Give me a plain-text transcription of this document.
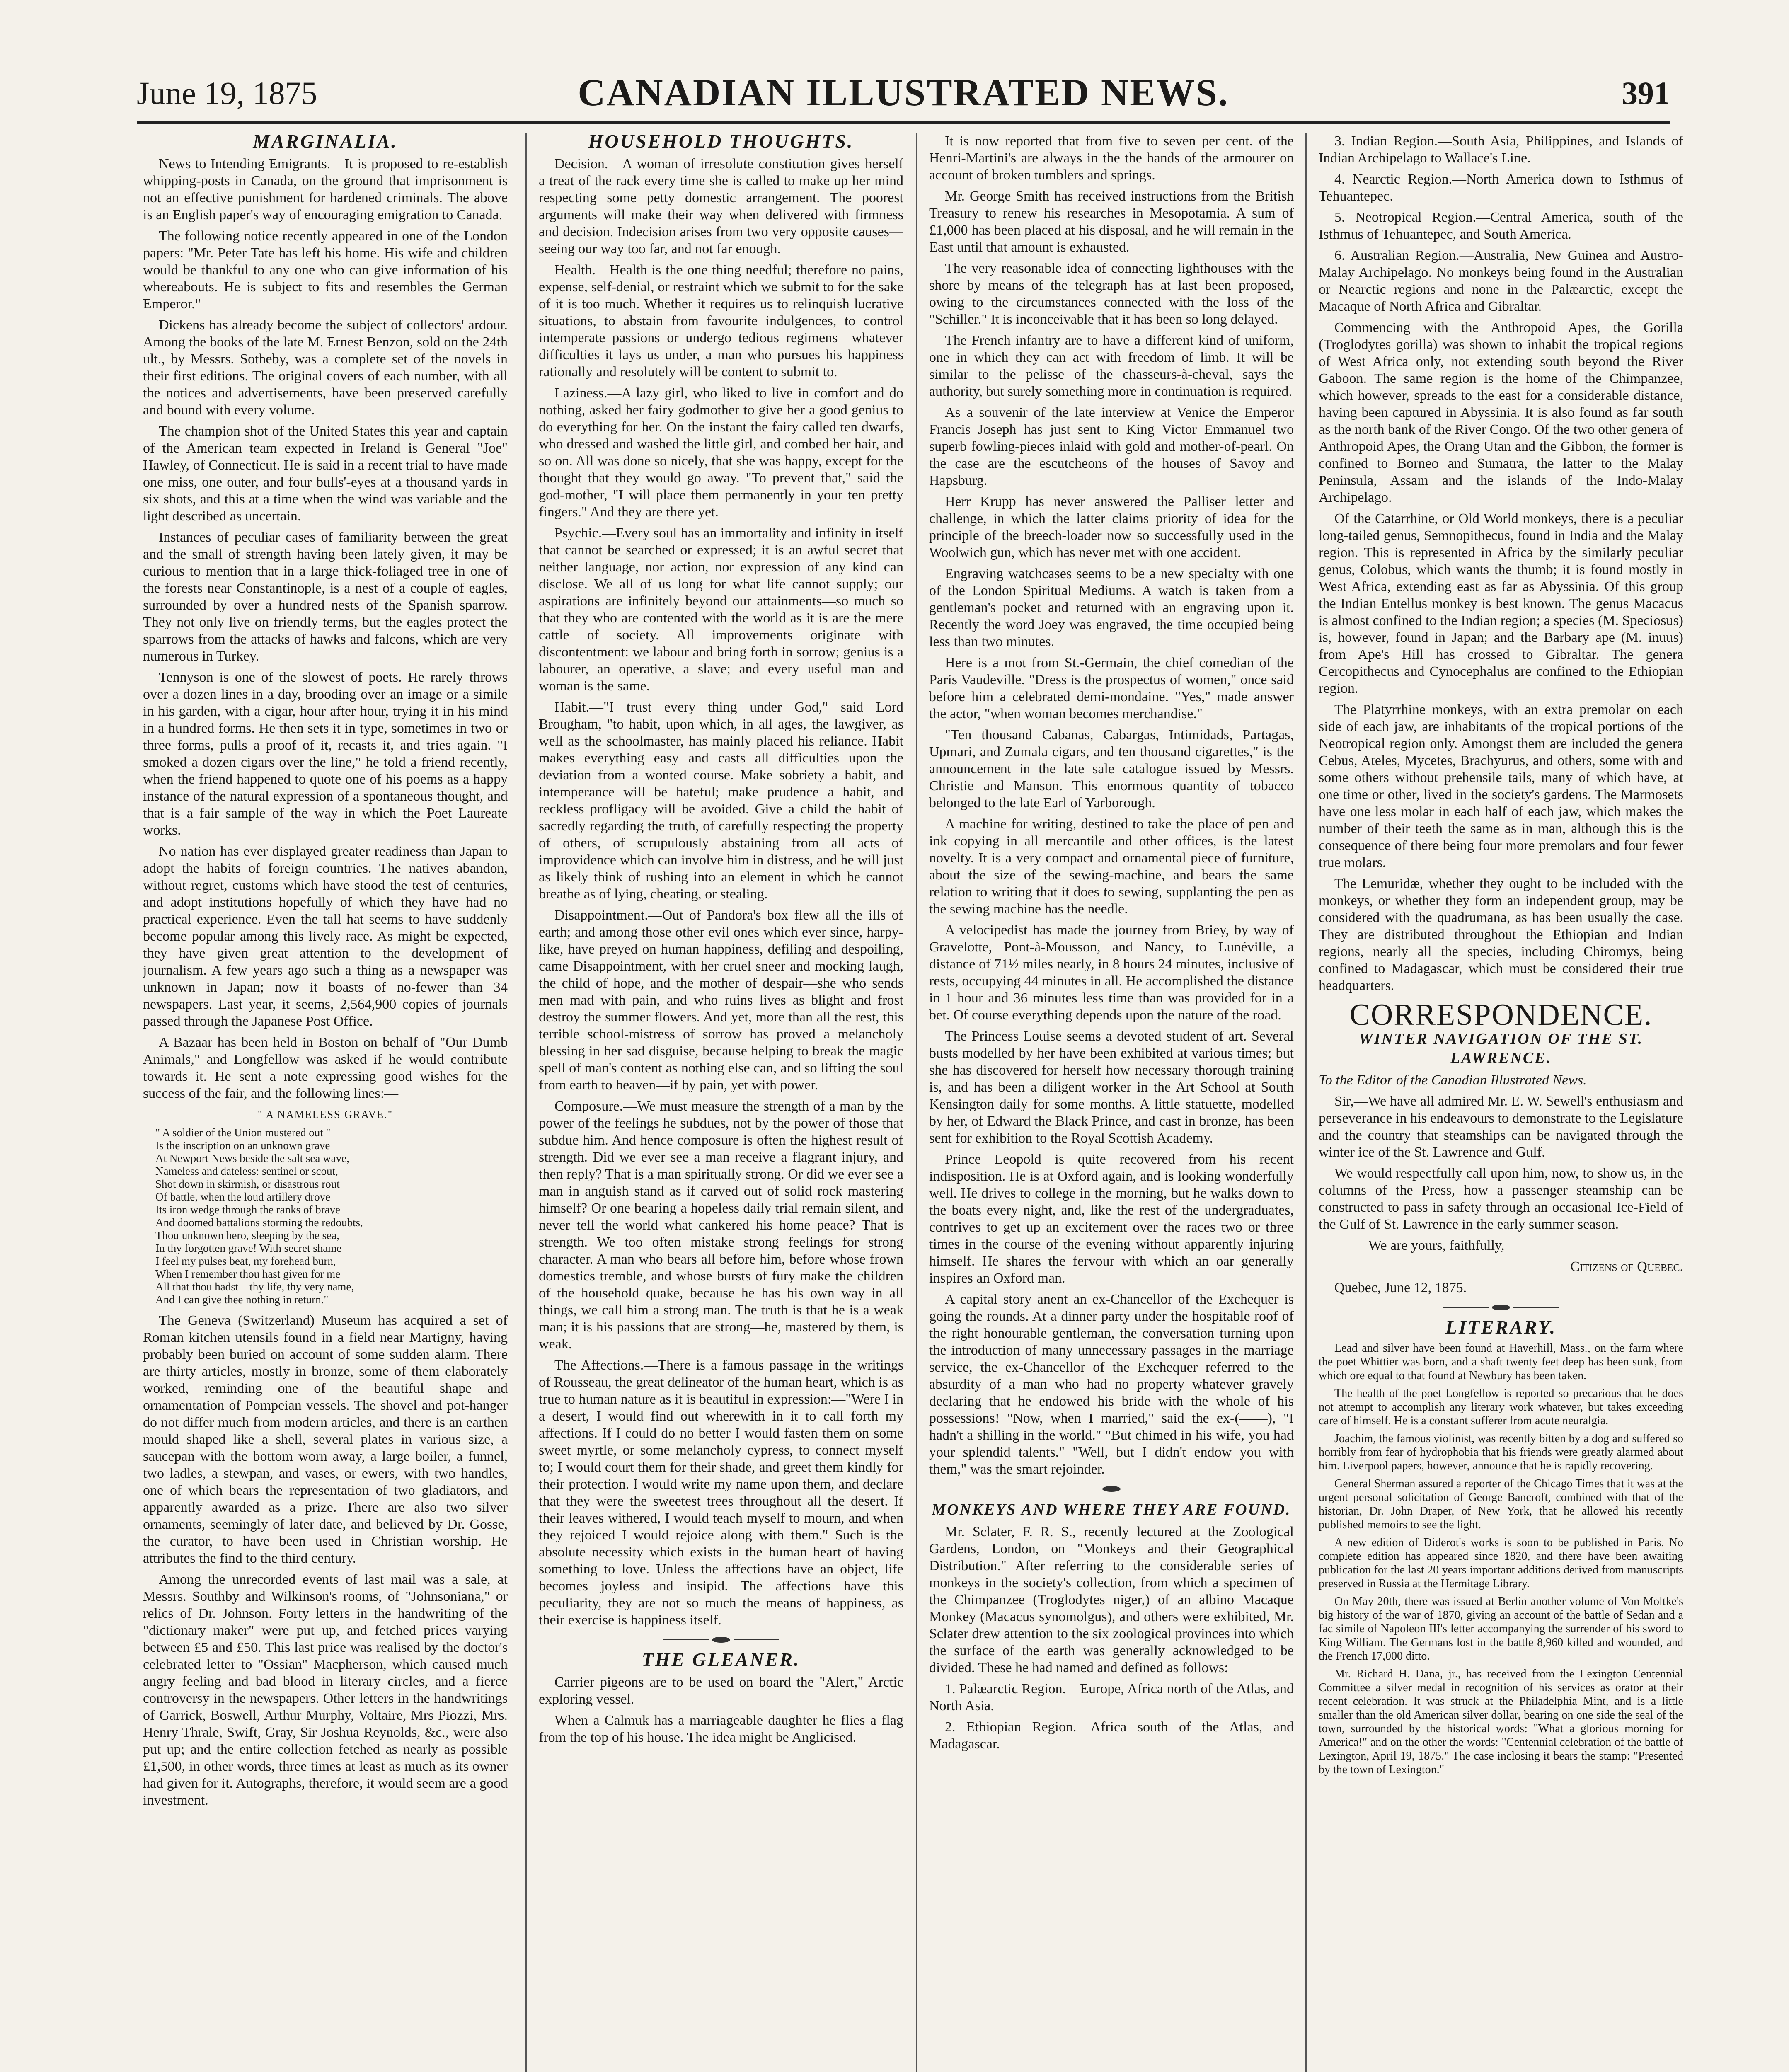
June 19, 1875	CANADIAN ILLUSTRATED NEWS.	391
MARGINALIA.

News to Intending Emigrants.—It is proposed to re-establish whipping-posts in Canada, on the ground that imprisonment is not an effective punishment for hardened criminals. The above is an English paper's way of encouraging emigration to Canada.

The following notice recently appeared in one of the London papers: "Mr. Peter Tate has left his home. His wife and children would be thankful to any one who can give information of his whereabouts. He is subject to fits and resembles the German Emperor."

Dickens has already become the subject of collectors' ardour. Among the books of the late M. Ernest Benzon, sold on the 24th ult., by Messrs. Sotheby, was a complete set of the novels in their first editions. The original covers of each number, with all the notices and advertisements, have been preserved carefully and bound with every volume.

The champion shot of the United States this year and captain of the American team expected in Ireland is General "Joe" Hawley, of Connecticut. He is said in a recent trial to have made one miss, one outer, and four bulls'-eyes at a thousand yards in six shots, and this at a time when the wind was variable and the light described as uncertain.

Instances of peculiar cases of familiarity between the great and the small of strength having been lately given, it may be curious to mention that in a large thick-foliaged tree in one of the forests near Constantinople, is a nest of a couple of eagles, surrounded by over a hundred nests of the Spanish sparrow. They not only live on friendly terms, but the eagles protect the sparrows from the attacks of hawks and falcons, which are very numerous in Turkey.

Tennyson is one of the slowest of poets. He rarely throws over a dozen lines in a day, brooding over an image or a simile in his garden, with a cigar, hour after hour, trying it in his mind in a hundred forms. He then sets it in type, sometimes in two or three forms, pulls a proof of it, recasts it, and tries again. "I smoked a dozen cigars over the line," he told a friend recently, when the friend happened to quote one of his poems as a happy instance of the natural expression of a spontaneous thought, and that is a fair sample of the way in which the Poet Laureate works.

No nation has ever displayed greater readiness than Japan to adopt the habits of foreign countries. The natives abandon, without regret, customs which have stood the test of centuries, and adopt institutions hopefully of which they have had no practical experience. Even the tall hat seems to have suddenly become popular among this lively race. As might be expected, they have given great attention to the development of journalism. A few years ago such a thing as a newspaper was unknown in Japan; now it boasts of no-fewer than 34 newspapers. Last year, it seems, 2,564,900 copies of journals passed through the Japanese Post Office.

A Bazaar has been held in Boston on behalf of "Our Dumb Animals," and Longfellow was asked if he would contribute towards it. He sent a note expressing good wishes for the success of the fair, and the following lines:—

" A NAMELESS GRAVE."
" A soldier of the Union mustered out "
Is the inscription on an unknown grave
At Newport News beside the salt sea wave,
Nameless and dateless: sentinel or scout,
Shot down in skirmish, or disastrous rout
Of battle, when the loud artillery drove
Its iron wedge through the ranks of brave
And doomed battalions storming the redoubts,
Thou unknown hero, sleeping by the sea,
In thy forgotten grave! With secret shame
I feel my pulses beat, my forehead burn,
When I remember thou hast given for me
All that thou hadst—thy life, thy very name,
And I can give thee nothing in return."

The Geneva (Switzerland) Museum has acquired a set of Roman kitchen utensils found in a field near Martigny, having probably been buried on account of some sudden alarm. There are thirty articles, mostly in bronze, some of them elaborately worked, reminding one of the beautiful shape and ornamentation of Pompeian vessels. The shovel and pot-hanger do not differ much from modern articles, and there is an earthen mould shaped like a shell, several plates in various size, a saucepan with the bottom worn away, a large boiler, a funnel, two ladles, a stewpan, and vases, or ewers, with two handles, one of which bears the representation of two gladiators, and apparently awarded as a prize. There are also two silver ornaments, seemingly of later date, and believed by Dr. Gosse, the curator, to have been used in Christian worship. He attributes the find to the third century.

Among the unrecorded events of last mail was a sale, at Messrs. Southby and Wilkinson's rooms, of "Johnsoniana," or relics of Dr. Johnson. Forty letters in the handwriting of the "dictionary maker" were put up, and fetched prices varying between £5 and £50. This last price was realised by the doctor's celebrated letter to "Ossian" Macpherson, which caused much angry feeling and bad blood in literary circles, and a fierce controversy in the newspapers. Other letters in the handwritings of Garrick, Boswell, Arthur Murphy, Voltaire, Mrs Piozzi, Mrs. Henry Thrale, Swift, Gray, Sir Joshua Reynolds, &c., were also put up; and the entire collection fetched as nearly as possible £1,500, in other words, three times at least as much as its owner had given for it. Autographs, therefore, it would seem are a good investment.

HOUSEHOLD THOUGHTS.

Decision.—A woman of irresolute constitution gives herself a treat of the rack every time she is called to make up her mind respecting some petty domestic arrangement. The poorest arguments will make their way when delivered with firmness and decision. Indecision arises from two very opposite causes—seeing our way too far, and not far enough.

Health.—Health is the one thing needful; therefore no pains, expense, self-denial, or restraint which we submit to for the sake of it is too much. Whether it requires us to relinquish lucrative situations, to abstain from favourite indulgences, to control intemperate passions or undergo tedious regimens—whatever difficulties it lays us under, a man who pursues his happiness rationally and resolutely will be content to submit to.

Laziness.—A lazy girl, who liked to live in comfort and do nothing, asked her fairy godmother to give her a good genius to do everything for her. On the instant the fairy called ten dwarfs, who dressed and washed the little girl, and combed her hair, and so on. All was done so nicely, that she was happy, except for the thought that they would go away. "To prevent that," said the god-mother, "I will place them permanently in your ten pretty fingers." And they are there yet.

Psychic.—Every soul has an immortality and infinity in itself that cannot be searched or expressed; it is an awful secret that neither language, nor action, nor expression of any kind can disclose. We all of us long for what life cannot supply; our aspirations are infinitely beyond our attainments—so much so that they who are contented with the world as it is are the mere cattle of society. All improvements originate with discontentment: we labour and bring forth in sorrow; genius is a labourer, an operative, a slave; and every useful man and woman is the same.

Habit.—"I trust every thing under God," said Lord Brougham, "to habit, upon which, in all ages, the lawgiver, as well as the schoolmaster, has mainly placed his reliance. Habit makes everything easy and casts all difficulties upon the deviation from a wonted course. Make sobriety a habit, and intemperance will be hateful; make prudence a habit, and reckless profligacy will be avoided. Give a child the habit of sacredly regarding the truth, of carefully respecting the property of others, of scrupulously abstaining from all acts of improvidence which can involve him in distress, and he will just as likely think of rushing into an element in which he cannot breathe as of lying, cheating, or stealing.

Disappointment.—Out of Pandora's box flew all the ills of earth; and among those other evil ones which ever since, harpy-like, have preyed on human happiness, defiling and despoiling, came Disappointment, with her cruel sneer and mocking laugh, the child of hope, and the mother of despair—she who sends men mad with pain, and who ruins lives as blight and frost destroy the summer flowers. And yet, more than all the rest, this terrible school-mistress of sorrow has proved a melancholy blessing in her sad disguise, because helping to break the magic spell of man's content as nothing else can, and so lifting the soul from earth to heaven—if by pain, yet with power.

Composure.—We must measure the strength of a man by the power of the feelings he subdues, not by the power of those that subdue him. And hence composure is often the highest result of strength. Did we ever see a man receive a flagrant injury, and then reply? That is a man spiritually strong. Or did we ever see a man in anguish stand as if carved out of solid rock mastering himself? Or one bearing a hopeless daily trial remain silent, and never tell the world what cankered his home peace? That is strength. We too often mistake strong feelings for strong character. A man who bears all before him, before whose frown domestics tremble, and whose bursts of fury make the children of the household quake, because he has his own way in all things, we call him a strong man. The truth is that he is a weak man; it is his passions that are strong—he, mastered by them, is weak.

The Affections.—There is a famous passage in the writings of Rousseau, the great delineator of the human heart, which is as true to human nature as it is beautiful in expression:—"Were I in a desert, I would find out wherewith in it to call forth my affections. If I could do no better I would fasten them on some sweet myrtle, or some melancholy cypress, to connect myself to; I would court them for their shade, and greet them kindly for their protection. I would write my name upon them, and declare that they were the sweetest trees throughout all the desert. If their leaves withered, I would teach myself to mourn, and when they rejoiced I would rejoice along with them." Such is the absolute necessity which exists in the human heart of having something to love. Unless the affections have an object, life becomes joyless and insipid. The affections have this peculiarity, they are not so much the means of happiness, as their exercise is happiness itself.

THE GLEANER.

Carrier pigeons are to be used on board the "Alert," Arctic exploring vessel.

When a Calmuk has a marriageable daughter he flies a flag from the top of his house. The idea might be Anglicised.

It is now reported that from five to seven per cent. of the Henri-Martini's are always in the the hands of the armourer on account of broken tumblers and springs.

Mr. George Smith has received instructions from the British Treasury to renew his researches in Mesopotamia. A sum of £1,000 has been placed at his disposal, and he will remain in the East until that amount is exhausted.

The very reasonable idea of connecting lighthouses with the shore by means of the telegraph has at last been proposed, owing to the circumstances connected with the loss of the "Schiller." It is inconceivable that it has been so long delayed.

The French infantry are to have a different kind of uniform, one in which they can act with freedom of limb. It will be similar to the pelisse of the chasseurs-à-cheval, says the authority, but surely something more in continuation is required.

As a souvenir of the late interview at Venice the Emperor Francis Joseph has just sent to King Victor Emmanuel two superb fowling-pieces inlaid with gold and mother-of-pearl. On the case are the escutcheons of the houses of Savoy and Hapsburg.

Herr Krupp has never answered the Palliser letter and challenge, in which the latter claims priority of idea for the principle of the breech-loader now so successfully used in the Woolwich gun, which has never met with one accident.

Engraving watchcases seems to be a new specialty with one of the London Spiritual Mediums. A watch is taken from a gentleman's pocket and returned with an engraving upon it. Recently the word Joey was engraved, the time occupied being less than two minutes.

Here is a mot from St.-Germain, the chief comedian of the Paris Vaudeville. "Dress is the prospectus of women," once said before him a celebrated demi-mondaine. "Yes," made answer the actor, "when woman becomes merchandise."

"Ten thousand Cabanas, Cabargas, Intimidads, Partagas, Upmari, and Zumala cigars, and ten thousand cigarettes," is the announcement in the late sale catalogue issued by Messrs. Christie and Manson. This enormous quantity of tobacco belonged to the late Earl of Yarborough.

A machine for writing, destined to take the place of pen and ink copying in all mercantile and other offices, is the latest novelty. It is a very compact and ornamental piece of furniture, about the size of the sewing-machine, and bears the same relation to writing that it does to sewing, supplanting the pen as the sewing machine has the needle.

A velocipedist has made the journey from Briey, by way of Gravelotte, Pont-à-Mousson, and Nancy, to Lunéville, a distance of 71½ miles nearly, in 8 hours 24 minutes, inclusive of rests, occupying 44 minutes in all. He accomplished the distance in 1 hour and 36 minutes less time than was provided for in a bet. Of course everything depends upon the nature of the road.

The Princess Louise seems a devoted student of art. Several busts modelled by her have been exhibited at various times; but she has discovered for herself how necessary thorough training is, and has been a diligent worker in the Art School at South Kensington daily for some months. A little statuette, modelled by her, of Edward the Black Prince, and cast in bronze, has been sent for exhibition to the Royal Scottish Academy.

Prince Leopold is quite recovered from his recent indisposition. He is at Oxford again, and is looking wonderfully well. He drives to college in the morning, but he walks down to the boats every night, and, like the rest of the undergraduates, contrives to get up an excitement over the races two or three times in the course of the evening without apparently injuring himself. He shares the fervour with which an oar generally inspires an Oxford man.

A capital story anent an ex-Chancellor of the Exchequer is going the rounds. At a dinner party under the hospitable roof of the right honourable gentleman, the conversation turning upon the introduction of many unnecessary passages in the marriage service, the ex-Chancellor of the Exchequer referred to the absurdity of a man who had no property whatever gravely declaring that he endowed his bride with the whole of his possessions! "Now, when I married," said the ex-(——), "I hadn't a shilling in the world." "But chimed in his wife, you had your splendid talents." "Well, but I didn't endow you with them," was the smart rejoinder.

MONKEYS AND WHERE THEY ARE FOUND.

Mr. Sclater, F. R. S., recently lectured at the Zoological Gardens, London, on "Monkeys and their Geographical Distribution." After referring to the considerable series of monkeys in the society's collection, from which a specimen of the Chimpanzee (Troglodytes niger,) of an albino Macaque Monkey (Macacus synomolgus), and others were exhibited, Mr. Sclater drew attention to the six zoological provinces into which the surface of the earth was generally acknowledged to be divided. These he had named and defined as follows:

1. Palæarctic Region.—Europe, Africa north of the Atlas, and North Asia.

2. Ethiopian Region.—Africa south of the Atlas, and Madagascar.

3. Indian Region.—South Asia, Philippines, and Islands of Indian Archipelago to Wallace's Line.

4. Nearctic Region.—North America down to Isthmus of Tehuantepec.

5. Neotropical Region.—Central America, south of the Isthmus of Tehuantepec, and South America.

6. Australian Region.—Australia, New Guinea and Austro-Malay Archipelago. No monkeys being found in the Australian or Nearctic regions and none in the Palæarctic, except the Macaque of North Africa and Gibraltar.

Commencing with the Anthropoid Apes, the Gorilla (Troglodytes gorilla) was shown to inhabit the tropical regions of West Africa only, not extending south beyond the River Gaboon. The same region is the home of the Chimpanzee, which however, spreads to the east for a considerable distance, having been captured in Abyssinia. It is also found as far south as the north bank of the River Congo. Of the two other genera of Anthropoid Apes, the Orang Utan and the Gibbon, the former is confined to Borneo and Sumatra, the latter to the Malay Peninsula, Assam and the islands of the Indo-Malay Archipelago.

Of the Catarrhine, or Old World monkeys, there is a peculiar long-tailed genus, Semnopithecus, found in India and the Malay region. This is represented in Africa by the similarly peculiar genus, Colobus, which wants the thumb; it is found mostly in West Africa, extending east as far as Abyssinia. Of this group the Indian Entellus monkey is best known. The genus Macacus is almost confined to the Indian region; a species (M. Speciosus) is, however, found in Japan; and the Barbary ape (M. inuus) from Ape's Hill has crossed to Gibraltar. The genera Cercopithecus and Cynocephalus are confined to the Ethiopian region.

The Platyrrhine monkeys, with an extra premolar on each side of each jaw, are inhabitants of the tropical portions of the Neotropical region only. Amongst them are included the genera Cebus, Ateles, Mycetes, Brachyurus, and others, some with and some others without prehensile tails, many of which have, at one time or other, lived in the society's gardens. The Marmosets have one less molar in each half of each jaw, which makes the number of their teeth the same as in man, although this is the consequence of there being four more premolars and four fewer true molars.

The Lemuridæ, whether they ought to be included with the monkeys, or whether they form an independent group, may be considered with the quadrumana, as has been usually the case. They are distributed throughout the Ethiopian and Indian regions, nearly all the species, including Chiromys, being confined to Madagascar, which must be considered their true headquarters.

CORRESPONDENCE.
WINTER NAVIGATION OF THE ST. LAWRENCE.

To the Editor of the Canadian Illustrated News.

Sir,—We have all admired Mr. E. W. Sewell's enthusiasm and perseverance in his endeavours to demonstrate to the Legislature and the country that steamships can be navigated through the winter ice of the St. Lawrence and Gulf.

We would respectfully call upon him, now, to show us, in the columns of the Press, how a passenger steamship can be constructed to pass in safety through an occasional Ice-Field of the Gulf of St. Lawrence in the early summer season.

We are yours, faithfully,

Citizens of Quebec.

Quebec, June 12, 1875.

LITERARY.

Lead and silver have been found at Haverhill, Mass., on the farm where the poet Whittier was born, and a shaft twenty feet deep has been sunk, from which ore equal to that found at Newbury has been taken.

The health of the poet Longfellow is reported so precarious that he does not attempt to accomplish any literary work whatever, but takes exceeding care of himself. He is a constant sufferer from acute neuralgia.

Joachim, the famous violinist, was recently bitten by a dog and suffered so horribly from fear of hydrophobia that his friends were greatly alarmed about him. Liverpool papers, however, announce that he is rapidly recovering.

General Sherman assured a reporter of the Chicago Times that it was at the urgent personal solicitation of George Bancroft, combined with that of the historian, Dr. John Draper, of New York, that he allowed his recently published memoirs to see the light.

A new edition of Diderot's works is soon to be published in Paris. No complete edition has appeared since 1820, and there have been awaiting publication for the last 20 years important additions derived from manuscripts preserved in Russia at the Hermitage Library.

On May 20th, there was issued at Berlin another volume of Von Moltke's big history of the war of 1870, giving an account of the battle of Sedan and a fac simile of Napoleon III's letter accompanying the surrender of his sword to King William. The Germans lost in the battle 8,960 killed and wounded, and the French 17,000 ditto.

Mr. Richard H. Dana, jr., has received from the Lexington Centennial Committee a silver medal in recognition of his services as orator at their recent celebration. It was struck at the Philadelphia Mint, and is a little smaller than the old American silver dollar, bearing on one side the seal of the town, surrounded by the historical words: "What a glorious morning for America!" and on the other the words: "Centennial celebration of the battle of Lexington, April 19, 1875." The case inclosing it bears the stamp: "Presented by the town of Lexington."
